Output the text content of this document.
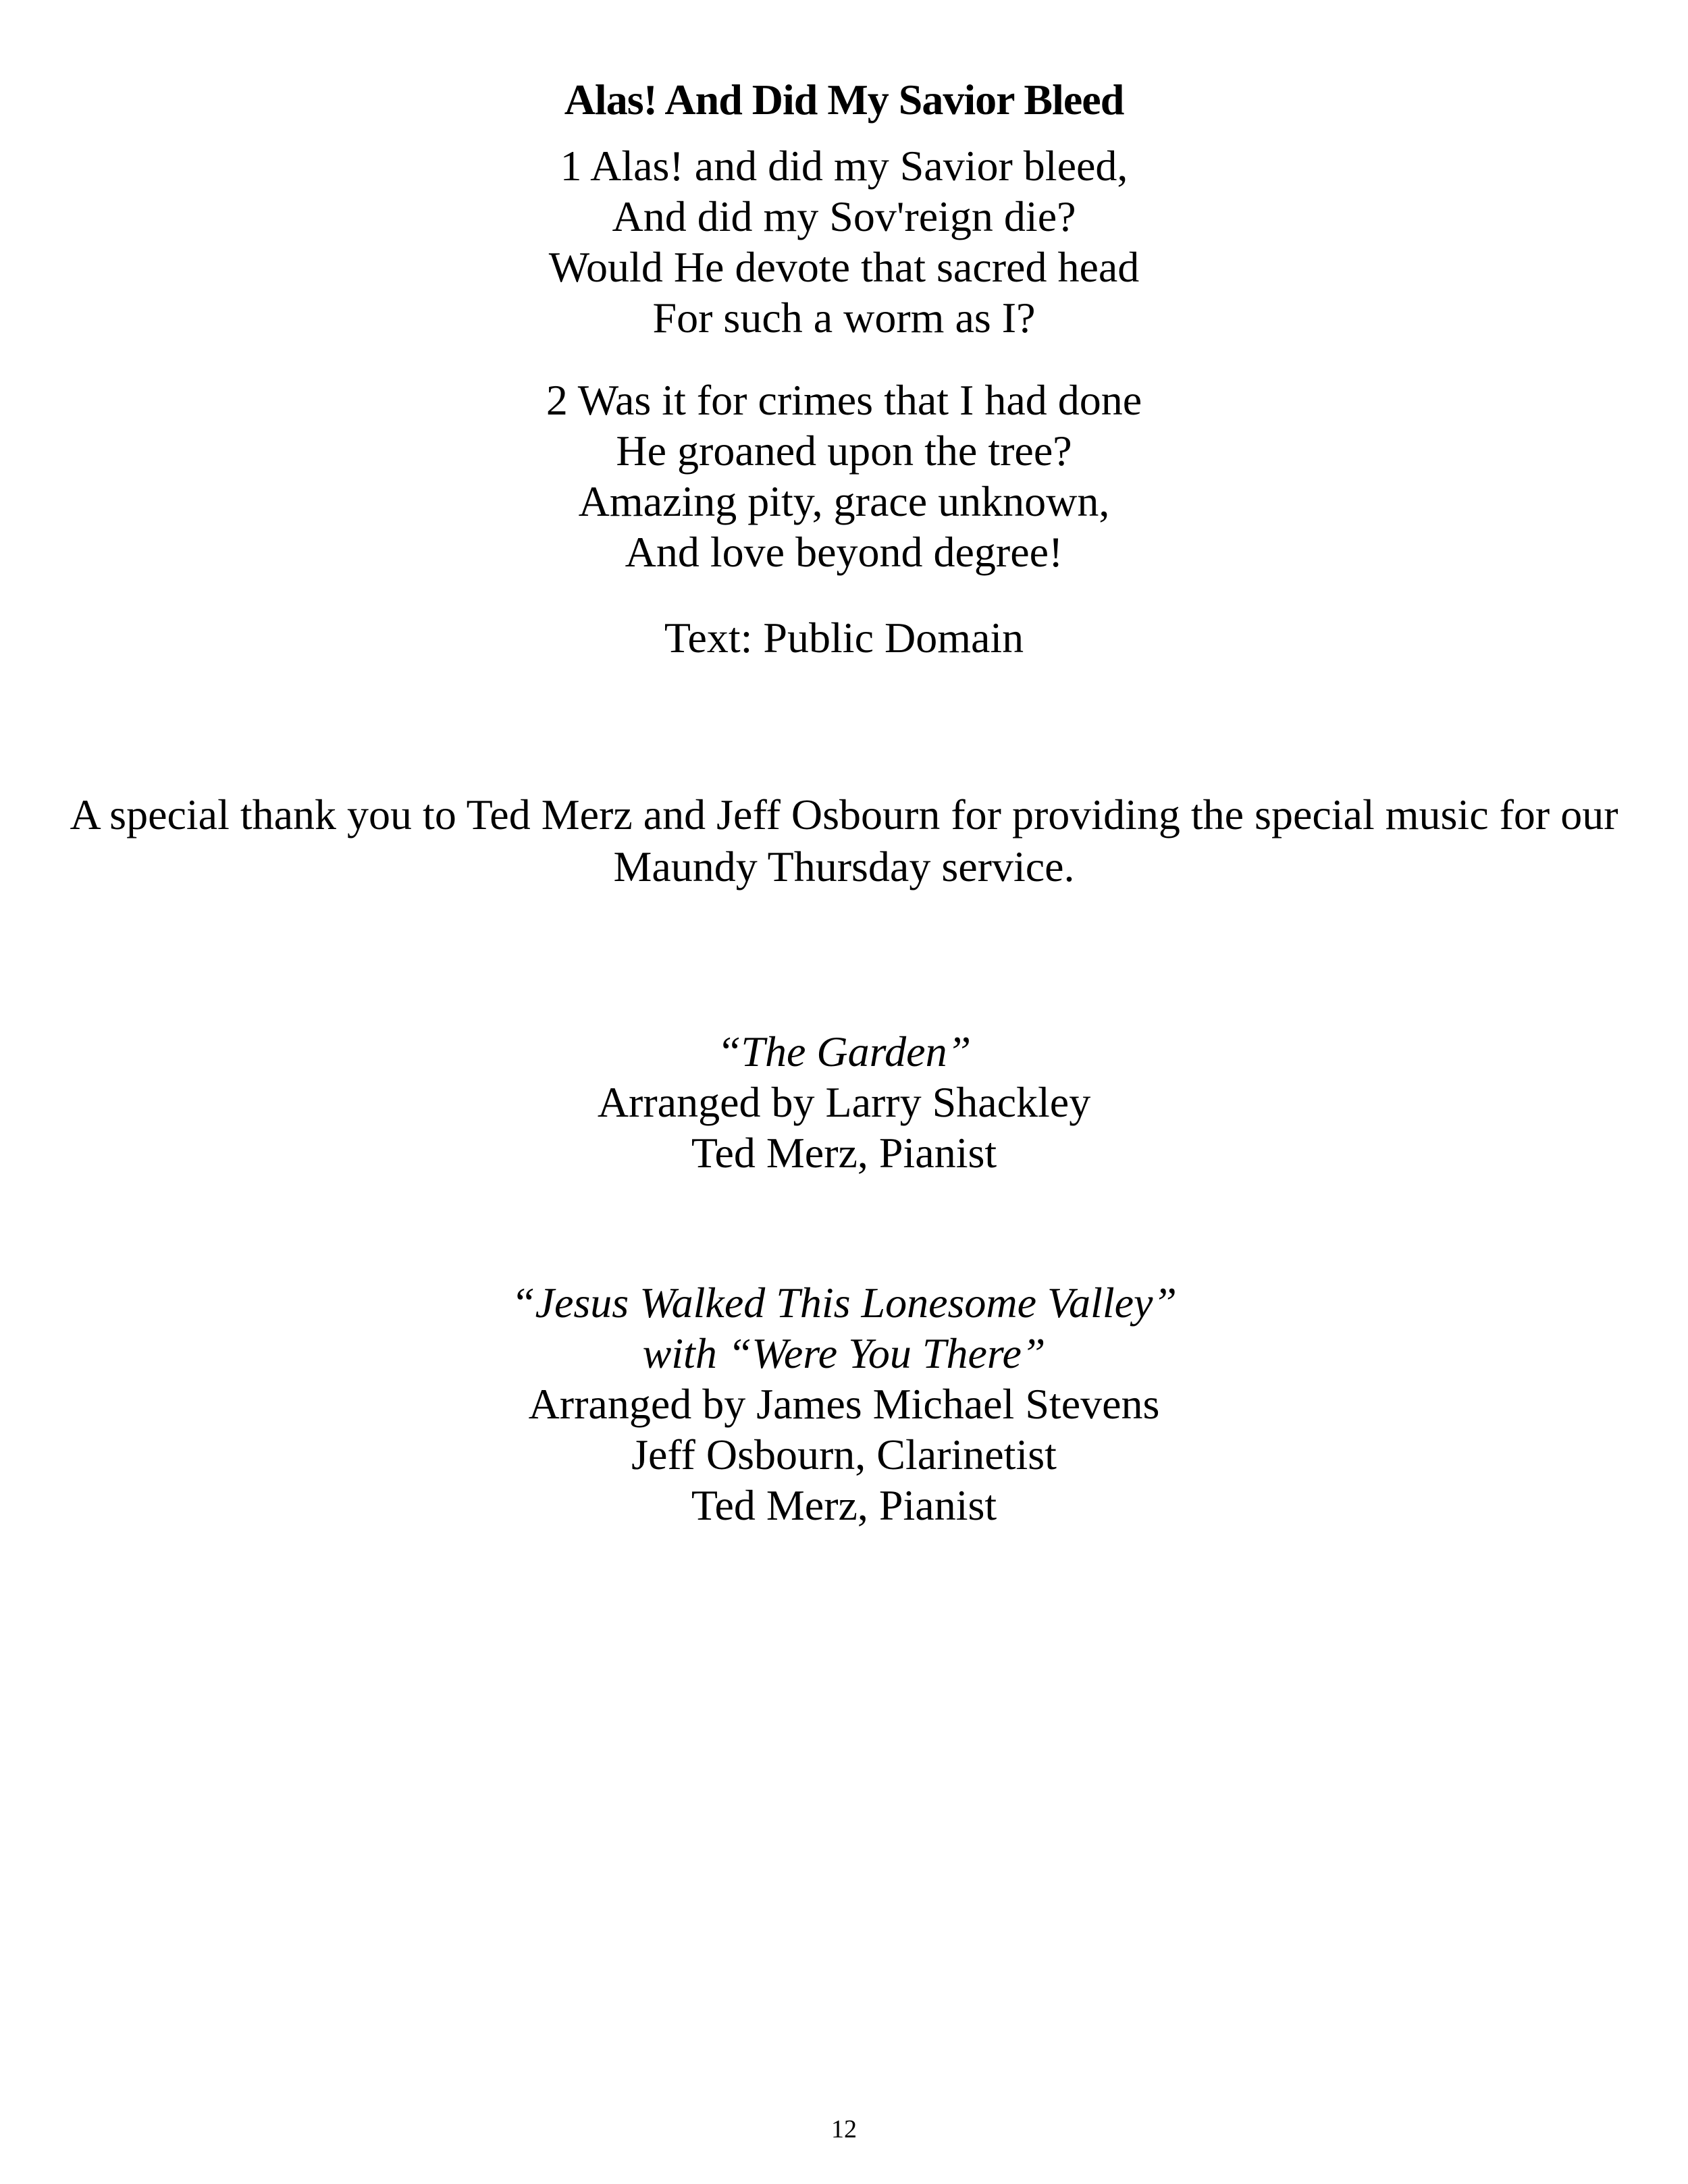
Alas! And Did My Savior Bleed
1 Alas! and did my Savior bleed,
And did my Sov'reign die?
Would He devote that sacred head
For such a worm as I?
2 Was it for crimes that I had done
He groaned upon the tree?
Amazing pity, grace unknown,
And love beyond degree!
Text: Public Domain
A special thank you to Ted Merz and Jeff Osbourn for providing the special music for our Maundy Thursday service.
“The Garden”
Arranged by Larry Shackley
Ted Merz, Pianist
“Jesus Walked This Lonesome Valley”
with “Were You There”
Arranged by James Michael Stevens
Jeff Osbourn, Clarinetist
Ted Merz, Pianist
12
